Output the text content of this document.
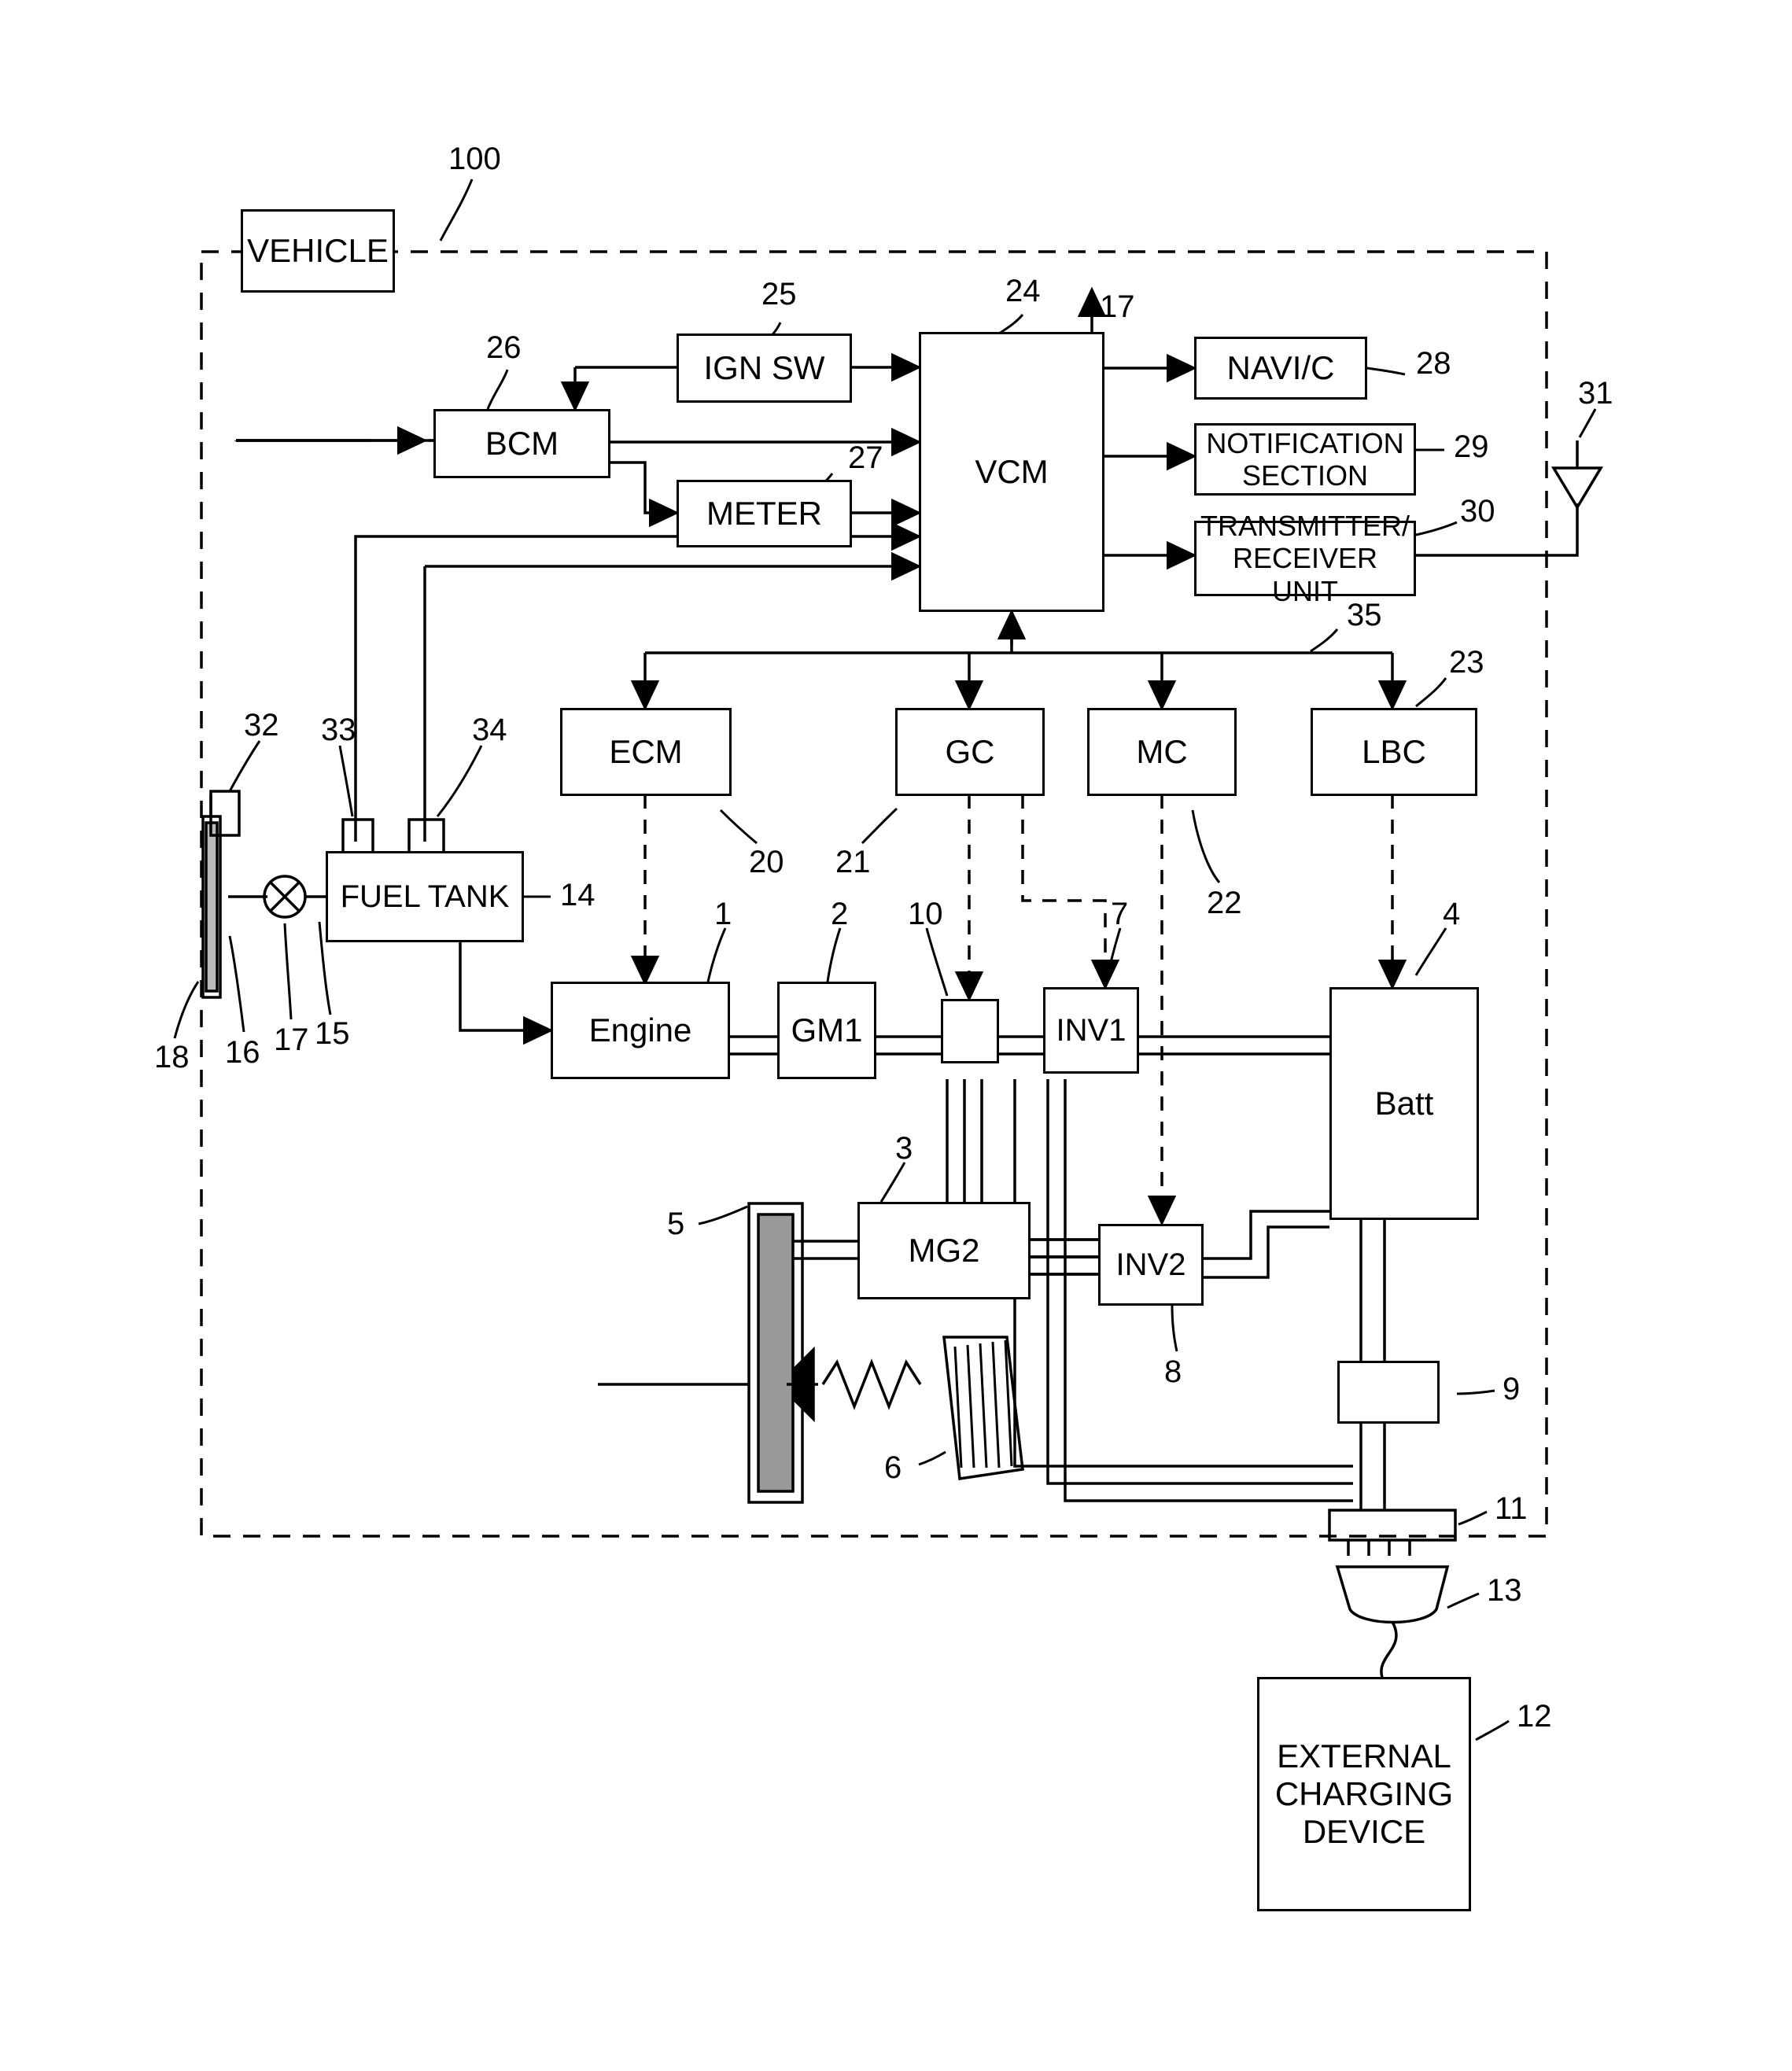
VEHICLE
IGN SW
BCM
METER
VCM
NAVI/C
NOTIFICATION
SECTION
TRANSMITTER/
RECEIVER UNIT
ECM	GC	MC	LBC
FUEL TANK
Engine	GM1	INV1
Batt
MG2	INV2
EXTERNAL
CHARGING
DEVICE
100
25
26
27
24 17
28
29
30
31
35
23
20 21
22
32 33	34
14
15
16 17
18
1	2 10	7	4
3
5
6
8	9
11
13
12
